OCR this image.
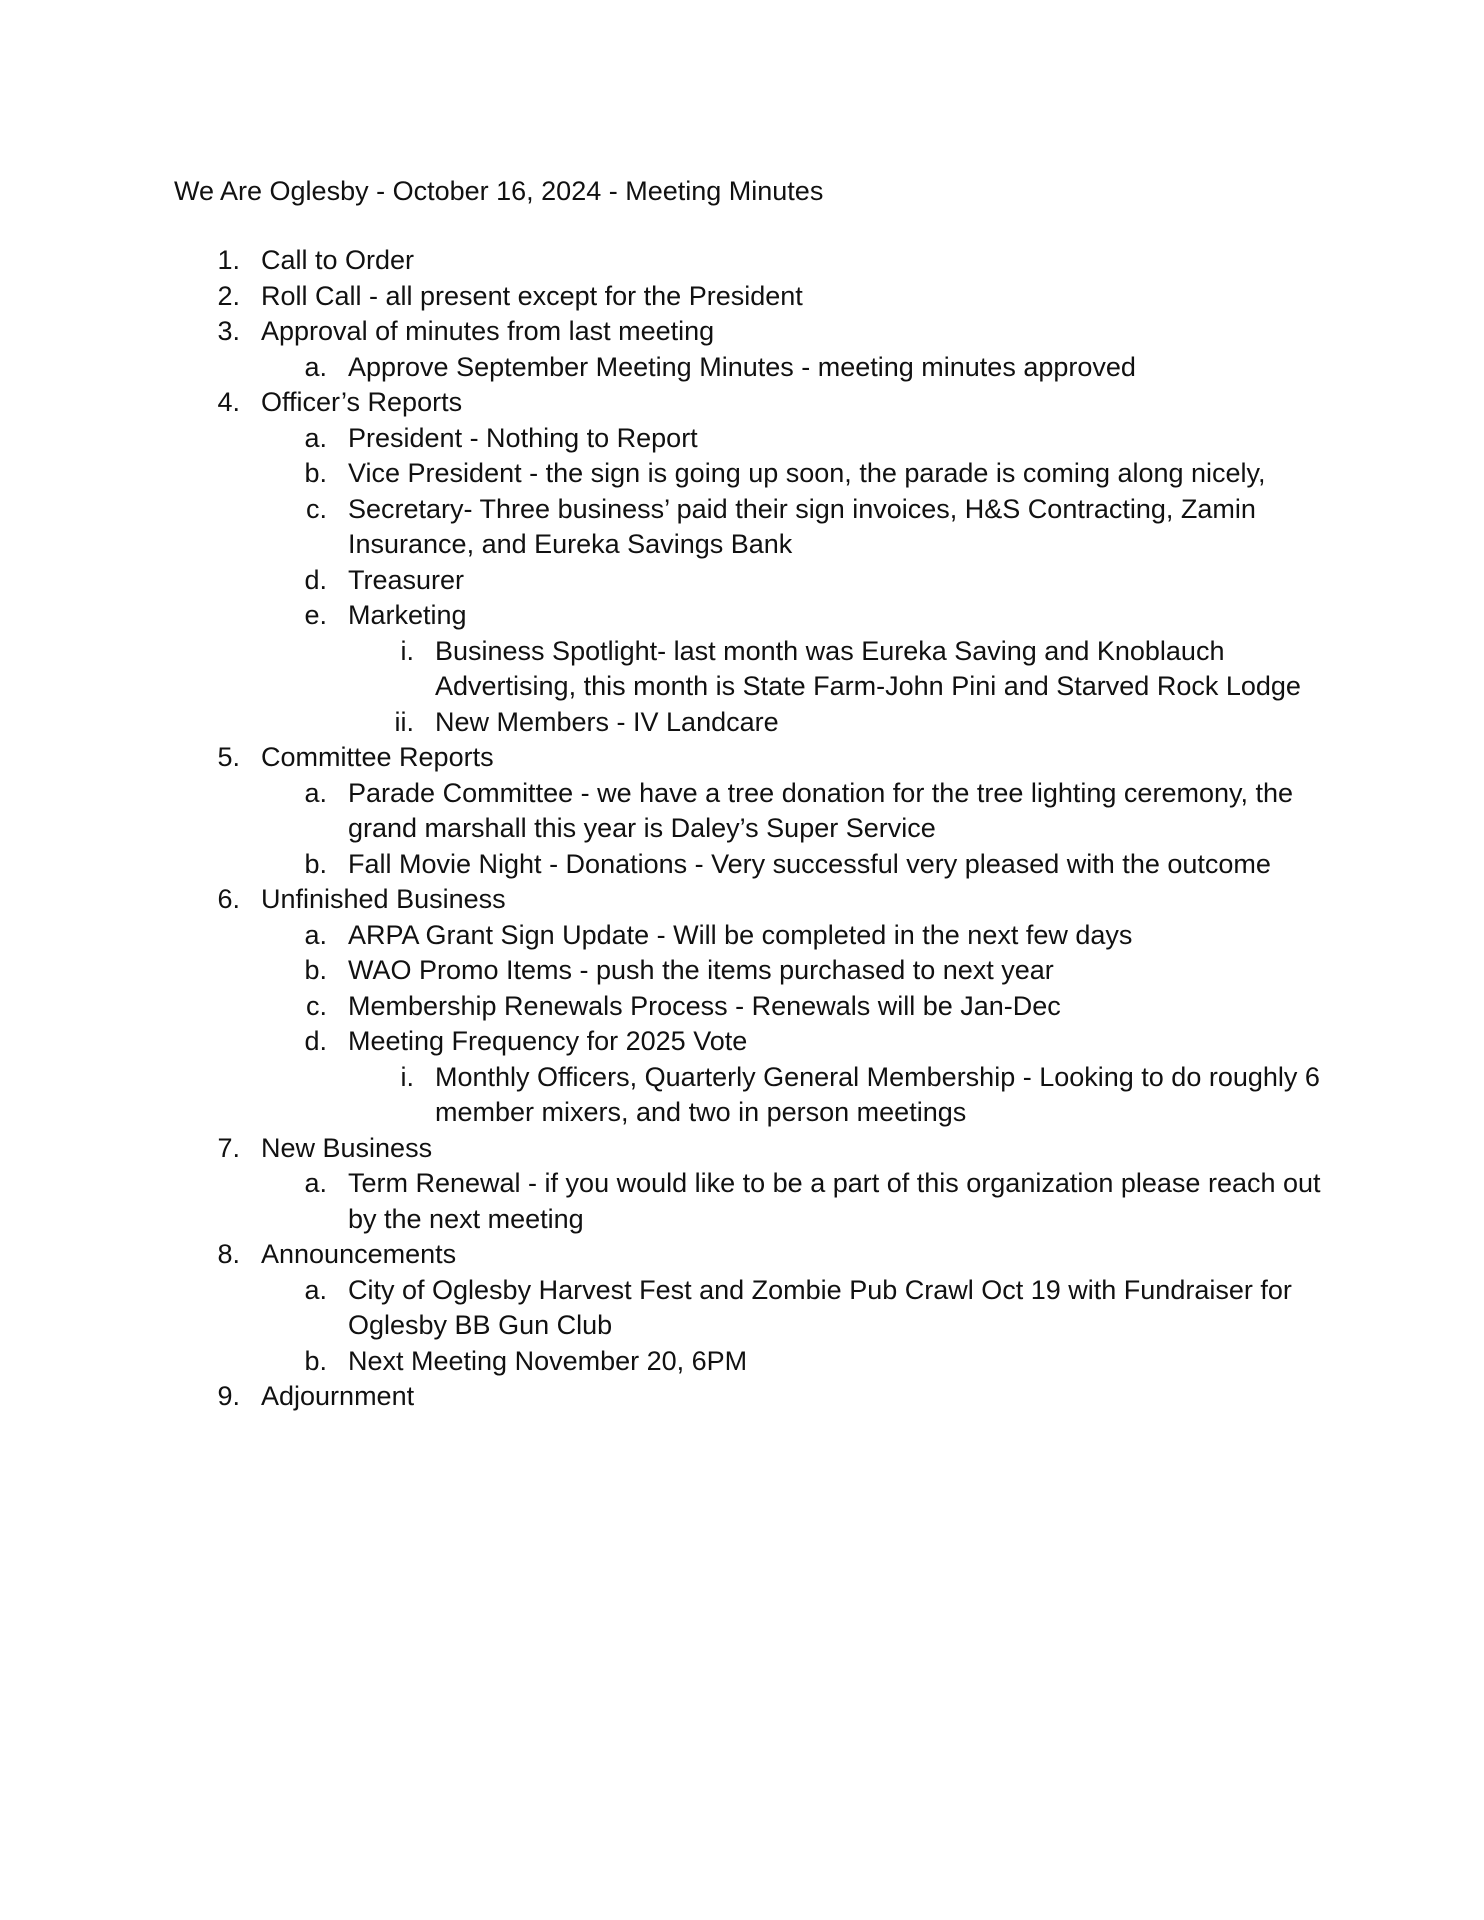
We Are Oglesby - October 16, 2024 - Meeting Minutes
1. Call to Order
2. Roll Call - all present except for the President
3. Approval of minutes from last meeting
a. Approve September Meeting Minutes - meeting minutes approved
4. Officer’s Reports
a. President - Nothing to Report
b. Vice President - the sign is going up soon, the parade is coming along nicely,
c. Secretary- Three business’ paid their sign invoices, H&S Contracting, Zamin Insurance, and Eureka Savings Bank
d. Treasurer
e. Marketing
i. Business Spotlight- last month was Eureka Saving and Knoblauch Advertising, this month is State Farm-John Pini and Starved Rock Lodge
ii. New Members - IV Landcare
5. Committee Reports
a. Parade Committee - we have a tree donation for the tree lighting ceremony, the grand marshall this year is Daley’s Super Service
b. Fall Movie Night - Donations - Very successful very pleased with the outcome
6. Unfinished Business
a. ARPA Grant Sign Update - Will be completed in the next few days
b. WAO Promo Items - push the items purchased to next year
c. Membership Renewals Process - Renewals will be Jan-Dec
d. Meeting Frequency for 2025 Vote
i. Monthly Officers, Quarterly General Membership - Looking to do roughly 6 member mixers, and two in person meetings
7. New Business
a. Term Renewal - if you would like to be a part of this organization please reach out by the next meeting
8. Announcements
a. City of Oglesby Harvest Fest and Zombie Pub Crawl Oct 19 with Fundraiser for Oglesby BB Gun Club
b. Next Meeting November 20, 6PM
9. Adjournment
